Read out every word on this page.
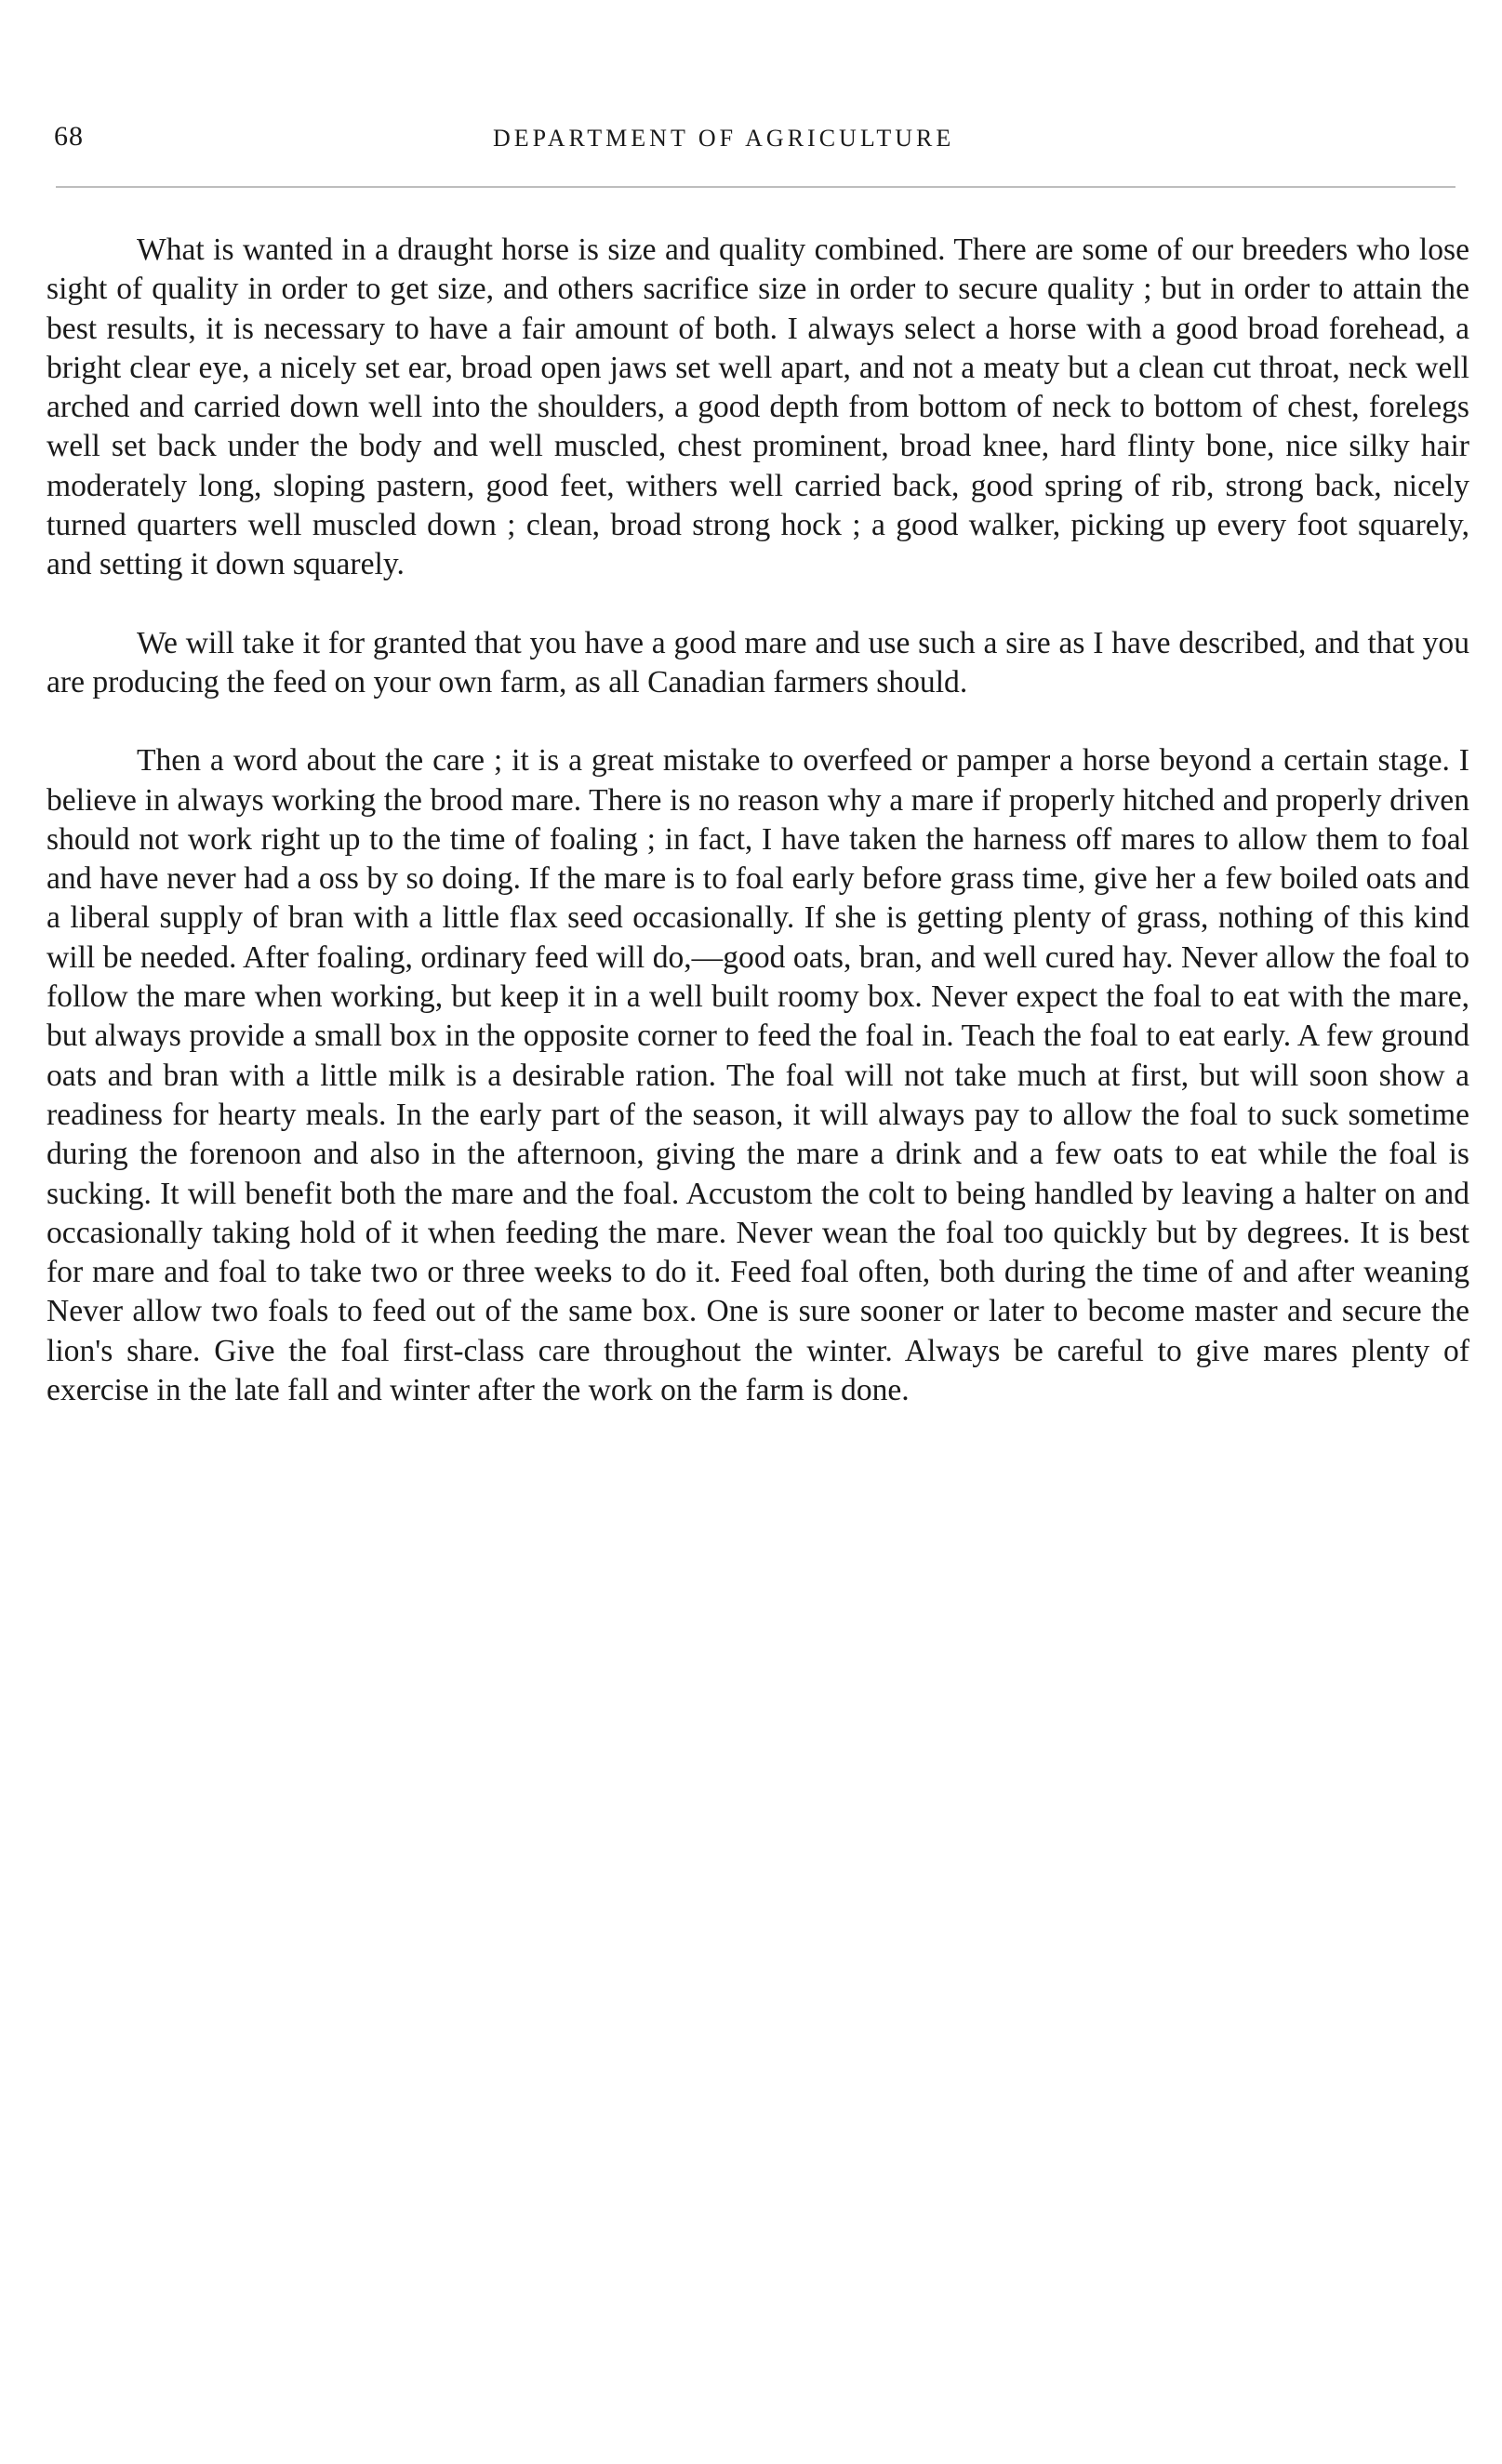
68	DEPARTMENT OF AGRICULTURE

What is wanted in a draught horse is size and quality combined. There are some of our breeders who lose sight of quality in order to get size, and others sacrifice size in order to secure quality ; but in order to attain the best results, it is necessary to have a fair amount of both. I always select a horse with a good broad forehead, a bright clear eye, a nicely set ear, broad open jaws set well apart, and not a meaty but a clean cut throat, neck well arched and carried down well into the shoulders, a good depth from bottom of neck to bottom of chest, forelegs well set back under the body and well muscled, chest prominent, broad knee, hard flinty bone, nice silky hair moderately long, sloping pastern, good feet, withers well carried back, good spring of rib, strong back, nicely turned quarters well muscled down ; clean, broad strong hock ; a good walker, picking up every foot squarely, and setting it down squarely.

We will take it for granted that you have a good mare and use such a sire as I have described, and that you are producing the feed on your own farm, as all Canadian farmers should.

Then a word about the care ; it is a great mistake to overfeed or pamper a horse beyond a certain stage. I believe in always working the brood mare. There is no reason why a mare if properly hitched and properly driven should not work right up to the time of foaling ; in fact, I have taken the harness off mares to allow them to foal and have never had a oss by so doing. If the mare is to foal early before grass time, give her a few boiled oats and a liberal supply of bran with a little flax seed occasionally. If she is getting plenty of grass, nothing of this kind will be needed. After foaling, ordinary feed will do,—good oats, bran, and well cured hay. Never allow the foal to follow the mare when working, but keep it in a well built roomy box. Never expect the foal to eat with the mare, but always provide a small box in the opposite corner to feed the foal in. Teach the foal to eat early. A few ground oats and bran with a little milk is a desirable ration. The foal will not take much at first, but will soon show a readiness for hearty meals. In the early part of the season, it will always pay to allow the foal to suck sometime during the forenoon and also in the afternoon, giving the mare a drink and a few oats to eat while the foal is sucking. It will benefit both the mare and the foal. Accustom the colt to being handled by leaving a halter on and occasionally taking hold of it when feeding the mare. Never wean the foal too quickly but by degrees. It is best for mare and foal to take two or three weeks to do it. Feed foal often, both during the time of and after weaning Never allow two foals to feed out of the same box. One is sure sooner or later to become master and secure the lion's share. Give the foal first-class care throughout the winter. Always be careful to give mares plenty of exercise in the late fall and winter after the work on the farm is done.
